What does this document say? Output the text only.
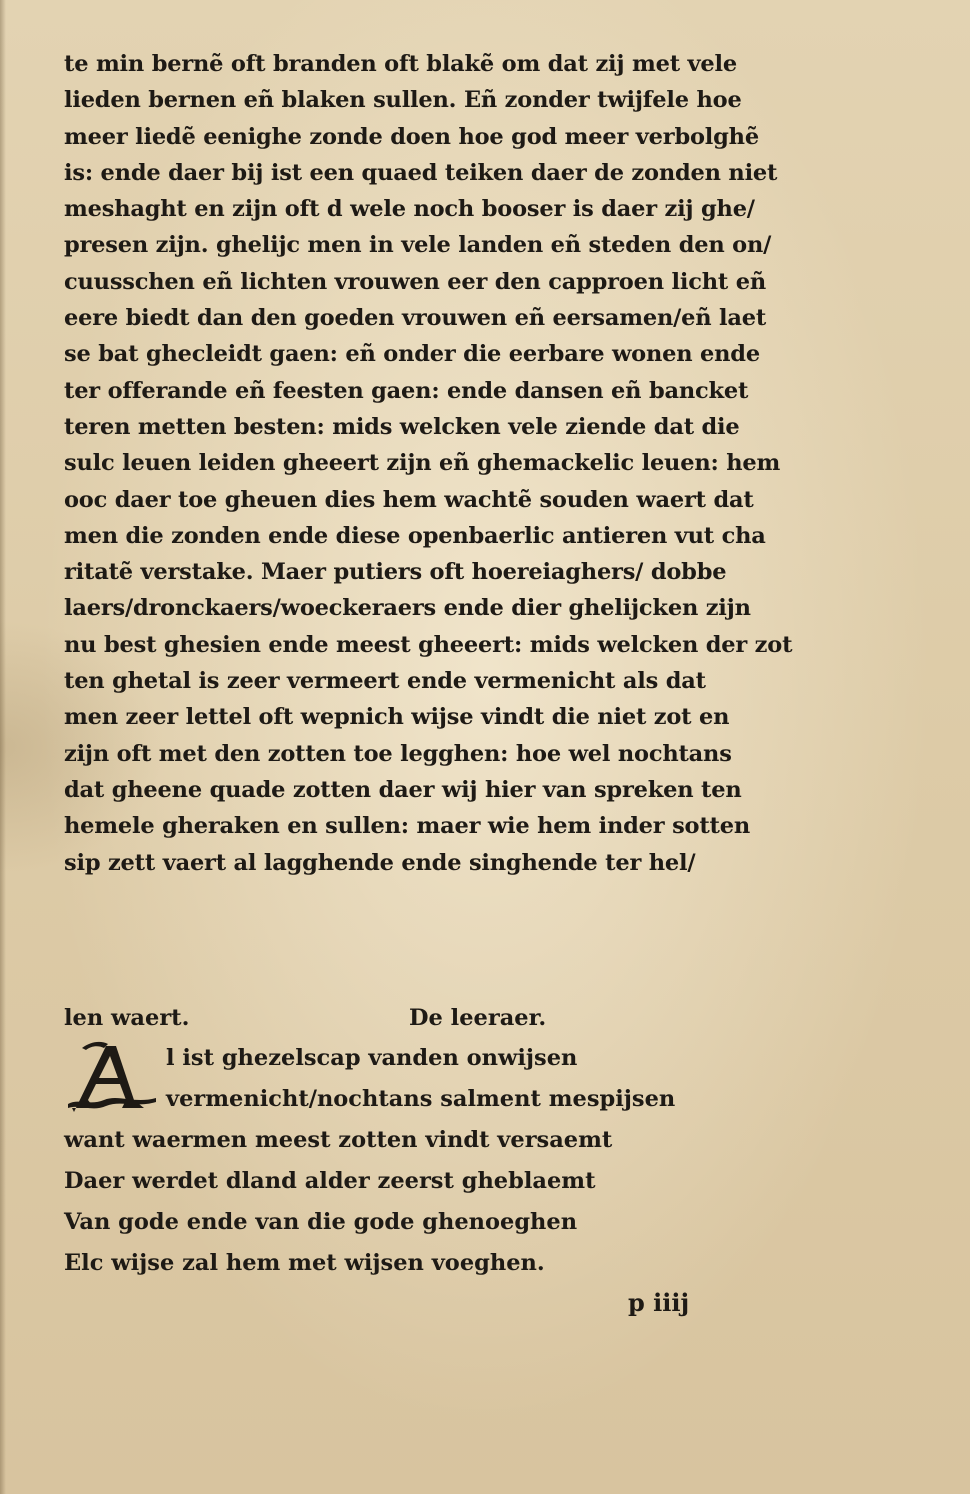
te min bernẽ oft branden oft blakẽ om dat zij met vele
lieden bernen eñ blaken sullen. Eñ zonder twijfele hoe
meer liedẽ eenighe zonde doen hoe god meer verbolghẽ
is: ende daer bij ist een quaed teiken daer de zonden niet
meshaght en zijn oft d wele noch booser is daer zij ghe/
presen zijn. ghelijc men in vele landen eñ steden den on/
cuusschen eñ lichten vrouwen eer den capproen licht eñ
eere biedt dan den goeden vrouwen eñ eersamen/eñ laet
se bat ghecleidt gaen: eñ onder die eerbare wonen ende
ter offerande eñ feesten gaen: ende dansen eñ bancket
teren metten besten: mids welcken vele ziende dat die
sulc leuen leiden gheeert zijn eñ ghemackelic leuen: hem
ooc daer toe gheuen dies hem wachtẽ souden waert dat
men die zonden ende diese openbaerlic antieren vut cha
ritatẽ verstake. Maer putiers oft hoereiaghers/ dobbe
laers/dronckaers/woeckeraers ende dier ghelijcken zijn
nu best ghesien ende meest gheeert: mids welcken der zot
ten ghetal is zeer vermeert ende vermenicht als dat
men zeer lettel oft wepnich wijse vindt die niet zot en
zijn oft met den zotten toe legghen: hoe wel nochtans
dat gheene quade zotten daer wij hier van spreken ten
hemele gheraken en sullen: maer wie hem inder sotten
sip zett vaert al lagghende ende singhende ter hel/
len waert.	De leeraer.
l ist ghezelscap vanden onwijsen
vermenicht/nochtans salment mespijsen
want waermen meest zotten vindt versaemt
Daer werdet dland alder zeerst gheblaemt
Van gode ende van die gode ghenoeghen
Elc wijse zal hem met wijsen voeghen.
p iiij
